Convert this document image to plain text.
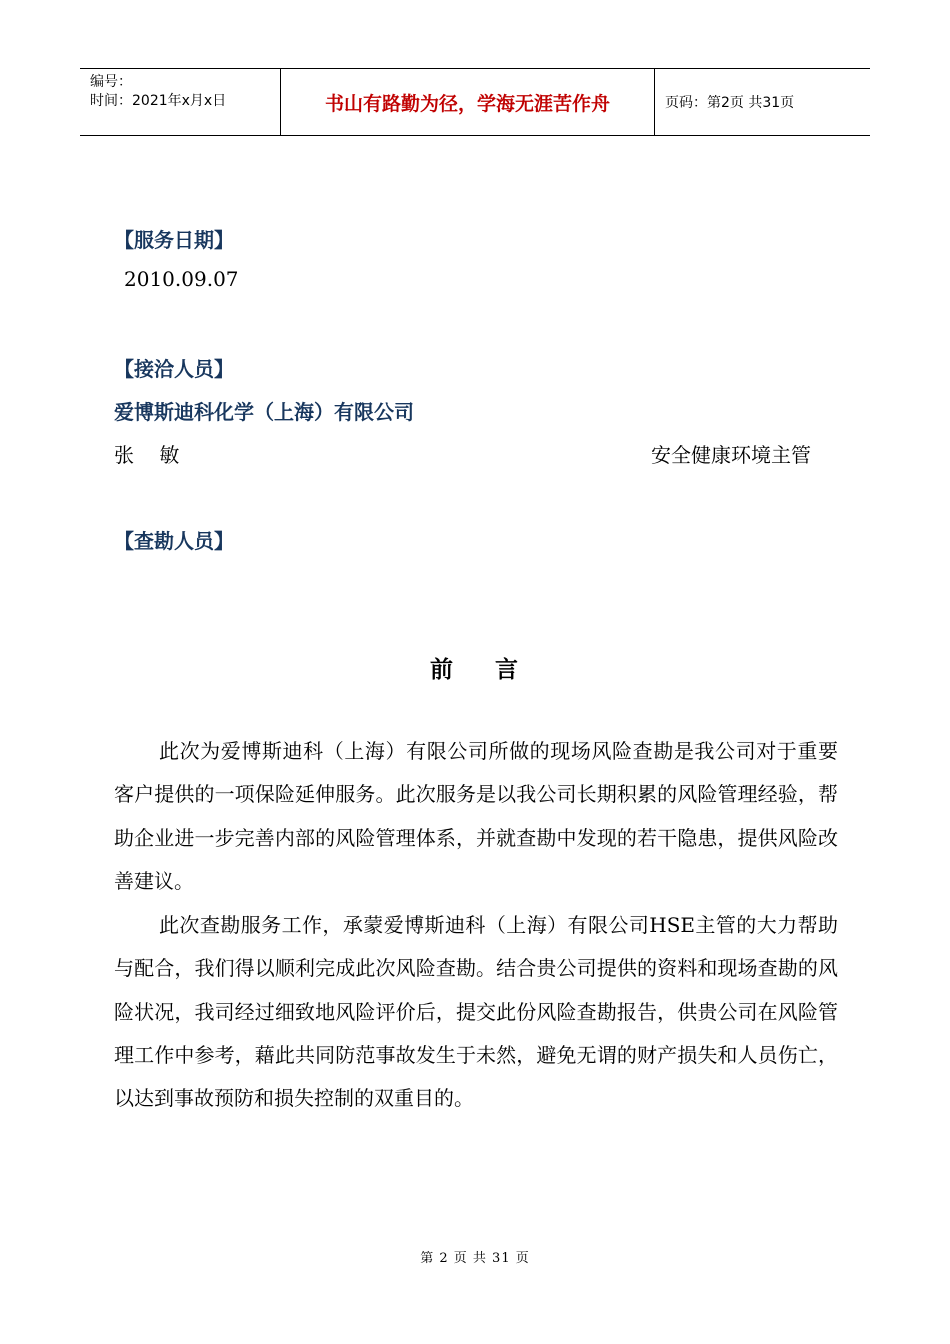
编号：
时间：2021年x月x日	书山有路勤为径，学海无涯苦作舟	页码：第2页 共31页
【服务日期】
2010.09.07
【接洽人员】
爱博斯迪科化学（上海）有限公司
张    敏	安全健康环境主管
【查勘人员】
前    言
此次为爱博斯迪科（上海）有限公司所做的现场风险查勘是我公司对于重要客户提供的一项保险延伸服务。此次服务是以我公司长期积累的风险管理经验，帮助企业进一步完善内部的风险管理体系，并就查勘中发现的若干隐患，提供风险改善建议。
此次查勘服务工作，承蒙爱博斯迪科（上海）有限公司HSE主管的大力帮助与配合，我们得以顺利完成此次风险查勘。结合贵公司提供的资料和现场查勘的风险状况，我司经过细致地风险评价后，提交此份风险查勘报告，供贵公司在风险管理工作中参考，藉此共同防范事故发生于未然，避免无谓的财产损失和人员伤亡，以达到事故预防和损失控制的双重目的。
第 2 页 共 31 页
